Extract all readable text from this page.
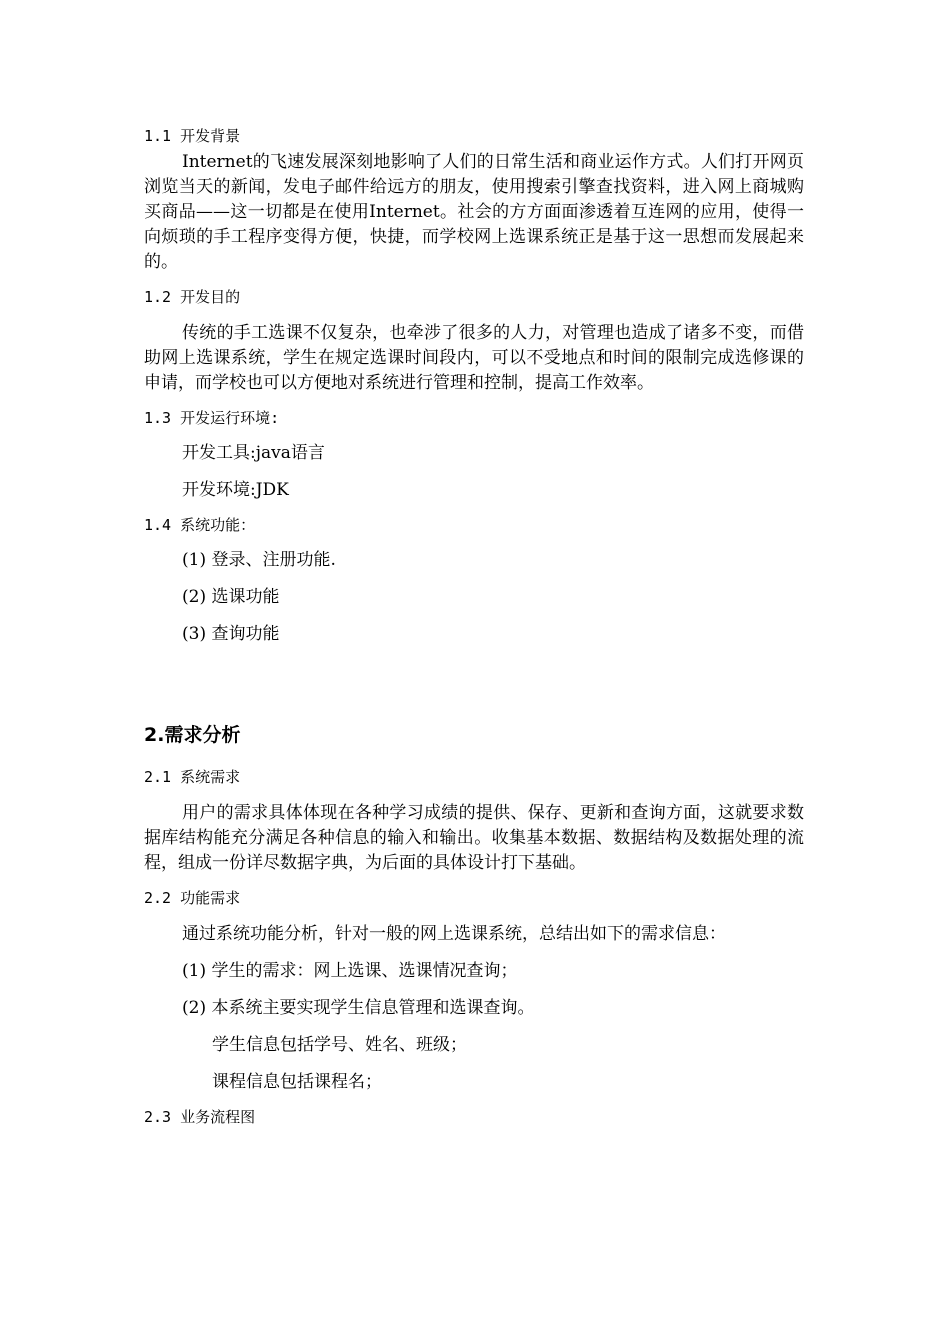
1.1 开发背景

Internet的飞速发展深刻地影响了人们的日常生活和商业运作方式。人们打开网页浏览当天的新闻，发电子邮件给远方的朋友，使用搜索引擎查找资料，进入网上商城购买商品——这一切都是在使用Internet。社会的方方面面渗透着互连网的应用，使得一向烦琐的手工程序变得方便，快捷，而学校网上选课系统正是基于这一思想而发展起来的。

1.2 开发目的

传统的手工选课不仅复杂，也牵涉了很多的人力，对管理也造成了诸多不变，而借助网上选课系统，学生在规定选课时间段内，可以不受地点和时间的限制完成选修课的申请，而学校也可以方便地对系统进行管理和控制，提高工作效率。

1.3 开发运行环境:

开发工具:java语言

开发环境:JDK

1.4 系统功能：

(1) 登录、注册功能.

(2) 选课功能

(3) 查询功能

2.需求分析

2.1 系统需求

用户的需求具体体现在各种学习成绩的提供、保存、更新和查询方面，这就要求数据库结构能充分满足各种信息的输入和输出。收集基本数据、数据结构及数据处理的流程，组成一份详尽数据字典，为后面的具体设计打下基础。

2.2 功能需求

通过系统功能分析，针对一般的网上选课系统，总结出如下的需求信息：

(1) 学生的需求：网上选课、选课情况查询；

(2) 本系统主要实现学生信息管理和选课查询。

学生信息包括学号、姓名、班级；

课程信息包括课程名；

2.3 业务流程图
